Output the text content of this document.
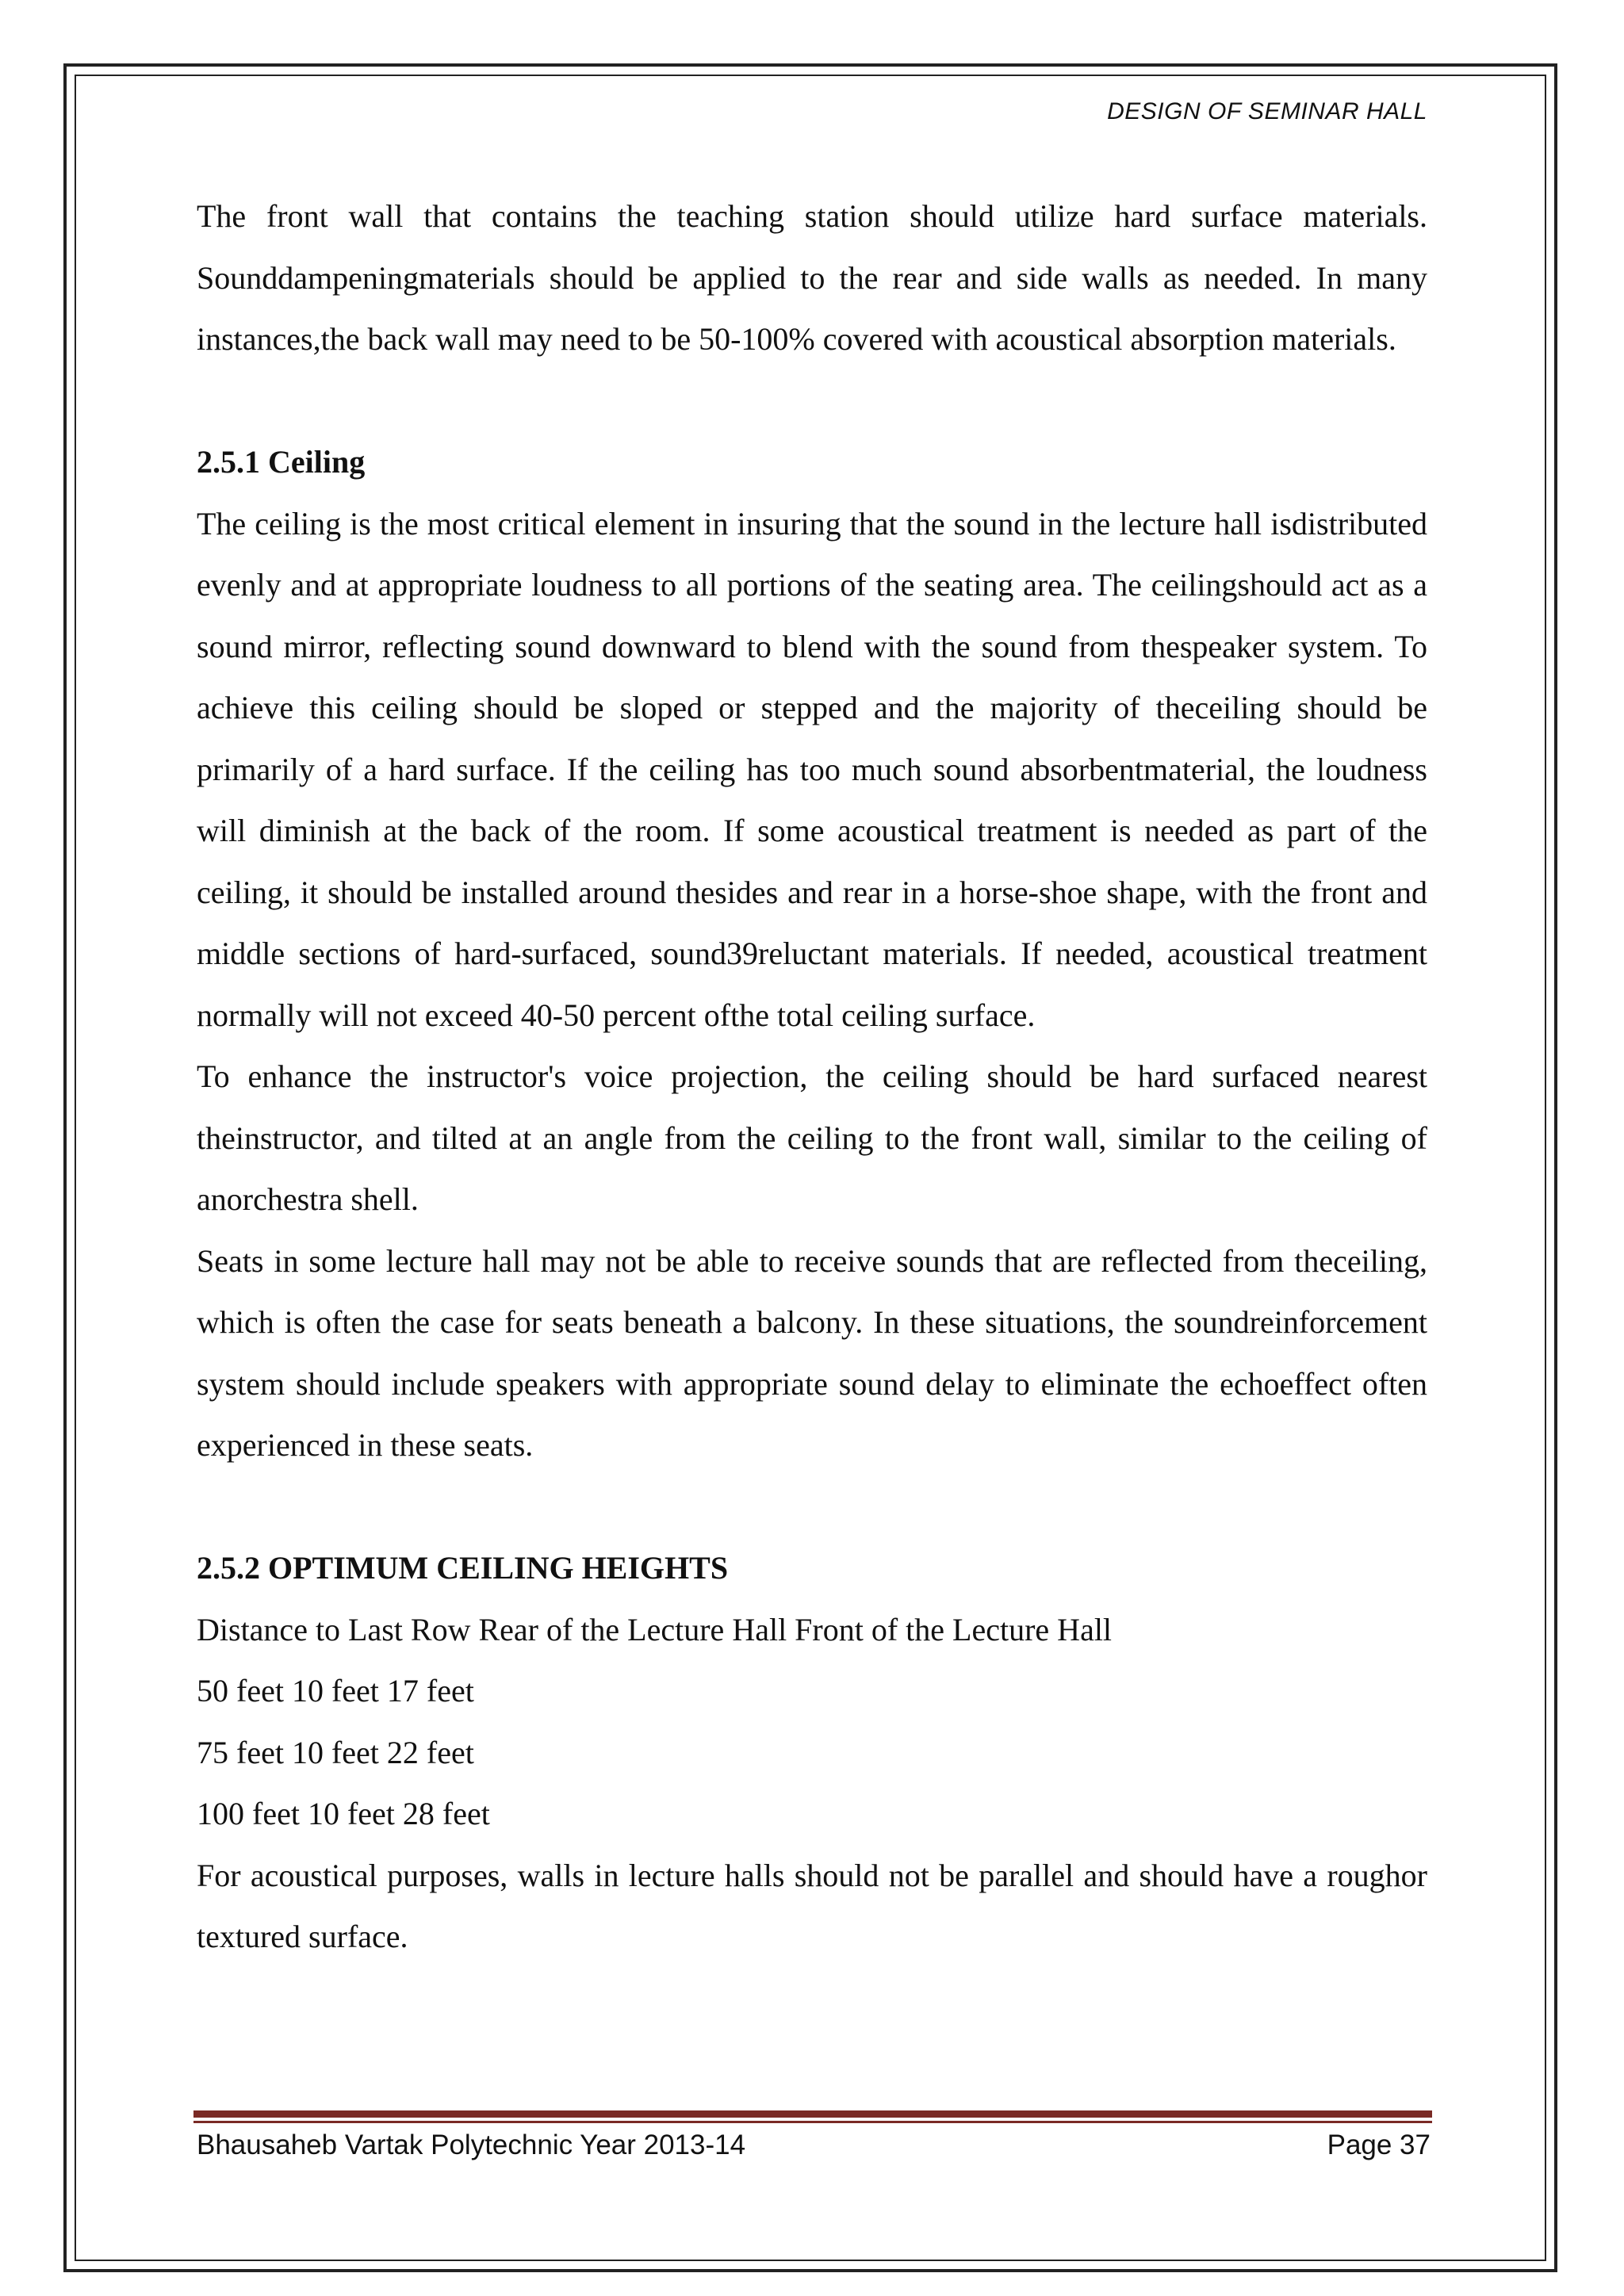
DESIGN OF SEMINAR HALL

The front wall that contains the teaching station should utilize hard surface materials. Sounddampeningmaterials should be applied to the rear and side walls as needed. In many instances,the back wall may need to be 50-100% covered with acoustical absorption materials.

2.5.1 Ceiling

The ceiling is the most critical element in insuring that the sound in the lecture hall isdistributed evenly and at appropriate loudness to all portions of the seating area. The ceilingshould act as a sound mirror, reflecting sound downward to blend with the sound from thespeaker system. To achieve this ceiling should be sloped or stepped and the majority of theceiling should be primarily of a hard surface. If the ceiling has too much sound absorbentmaterial, the loudness will diminish at the back of the room. If some acoustical treatment is needed as part of the ceiling, it should be installed around thesides and rear in a horse-shoe shape, with the front and middle sections of hard-surfaced, sound39reluctant materials. If needed, acoustical treatment normally will not exceed 40-50 percent ofthe total ceiling surface.

To enhance the instructor's voice projection, the ceiling should be hard surfaced nearest theinstructor, and tilted at an angle from the ceiling to the front wall, similar to the ceiling of anorchestra shell.

Seats in some lecture hall may not be able to receive sounds that are reflected from theceiling, which is often the case for seats beneath a balcony. In these situations, the soundreinforcement system should include speakers with appropriate sound delay to eliminate the echoeffect often experienced in these seats.

2.5.2 OPTIMUM CEILING HEIGHTS

Distance to Last Row Rear of the Lecture Hall Front of the Lecture Hall

50 feet 10 feet 17 feet

75 feet 10 feet 22 feet

100 feet 10 feet 28 feet

For acoustical purposes, walls in lecture halls should not be parallel and should have a roughor textured surface.

Bhausaheb Vartak Polytechnic Year 2013-14	Page 37
